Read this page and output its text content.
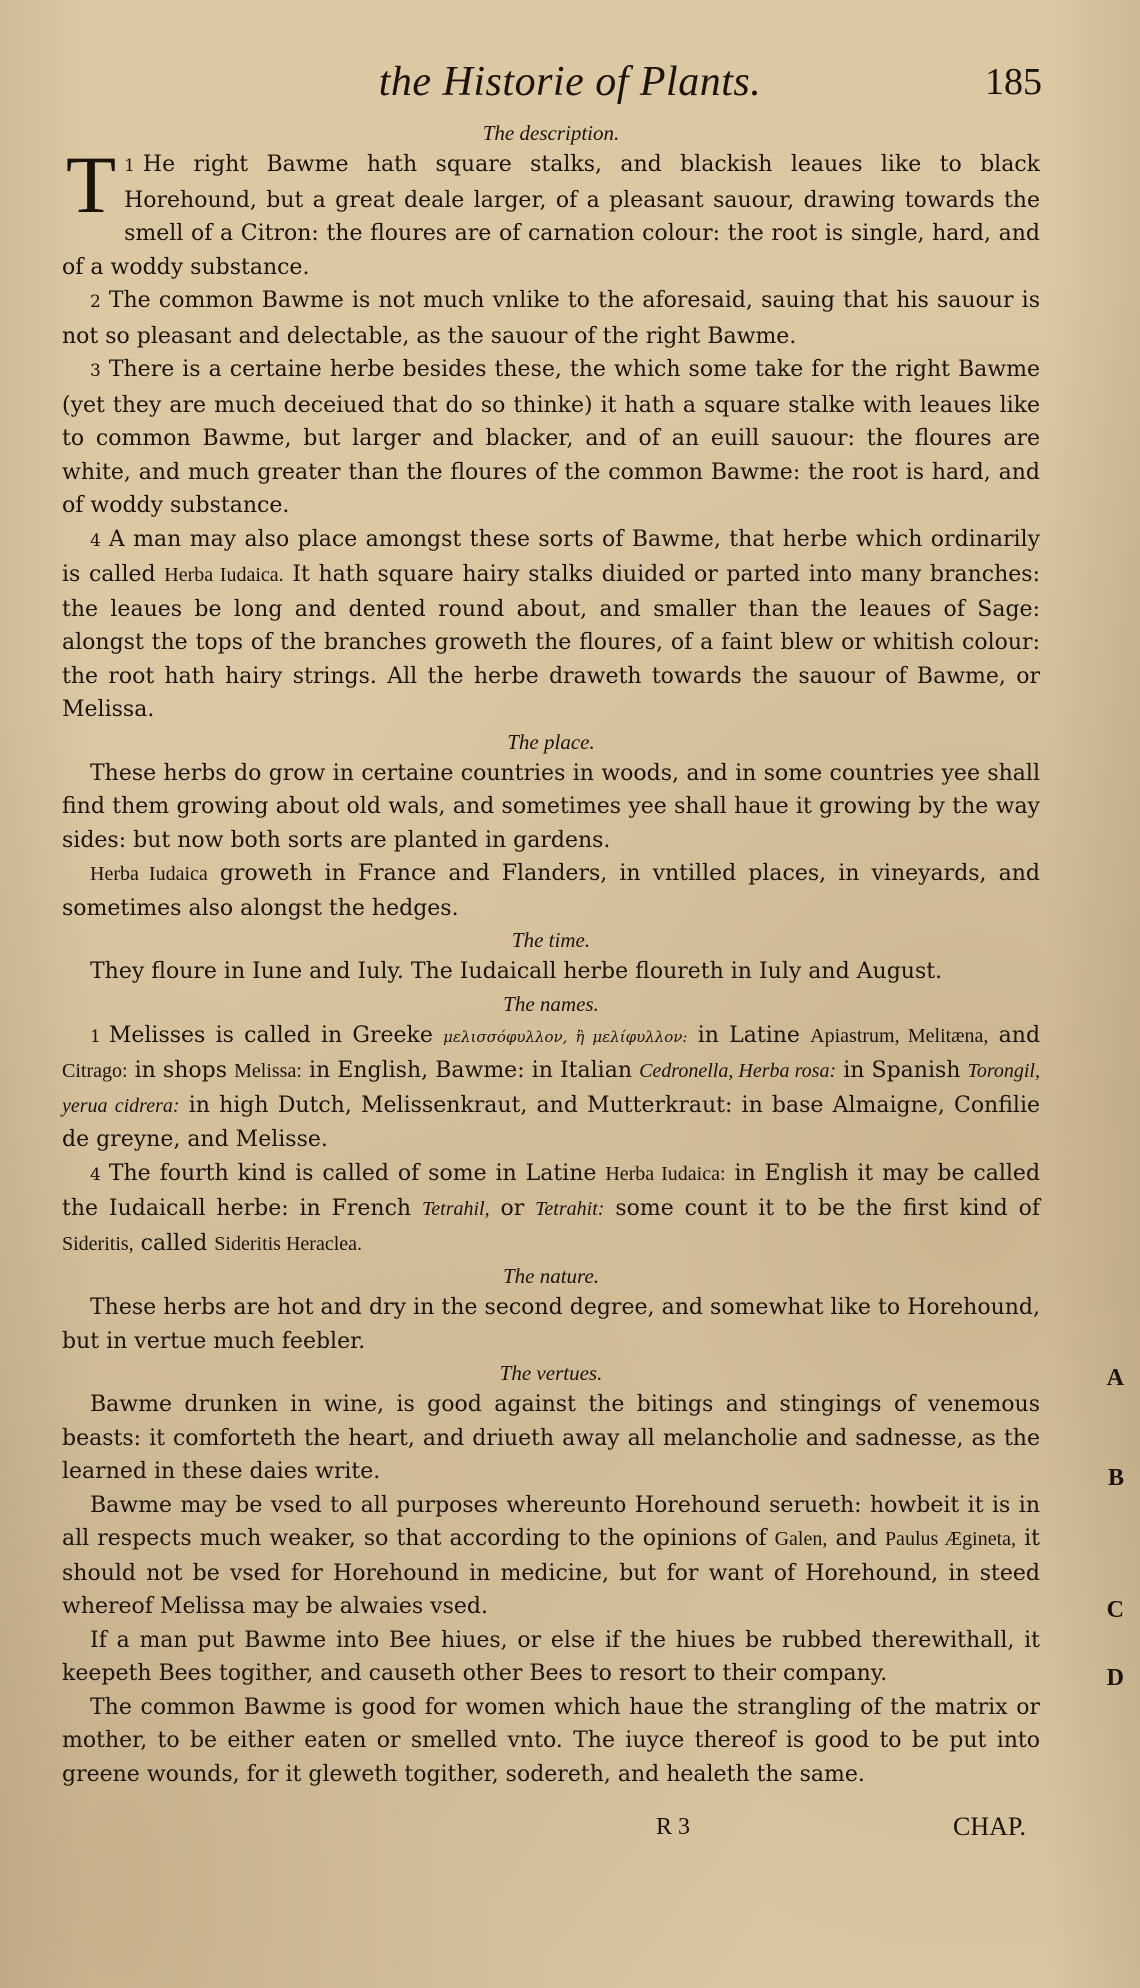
the Historie of Plants.	185
The description.

1
T He right Bawme hath square stalks, and blackish leaues like to black Horehound, but a great deale larger, of a pleasant sauour, drawing towards the smell of a Citron: the floures are of carnation colour: the root is single, hard, and of a woddy substance.

2 The common Bawme is not much vnlike to the aforesaid, sauing that his sauour is not so pleasant and delectable, as the sauour of the right Bawme.

3 There is a certaine herbe besides these, the which some take for the right Bawme (yet they are much deceiued that do so thinke) it hath a square stalke with leaues like to common Bawme, but larger and blacker, and of an euill sauour: the floures are white, and much greater than the floures of the common Bawme: the root is hard, and of woddy substance.

4 A man may also place amongst these sorts of Bawme, that herbe which ordinarily is called Herba Iudaica. It hath square hairy stalks diuided or parted into many branches: the leaues be long and dented round about, and smaller than the leaues of Sage: alongst the tops of the branches groweth the floures, of a faint blew or whitish colour: the root hath hairy strings. All the herbe draweth towards the sauour of Bawme, or Melissa.

The place.

These herbs do grow in certaine countries in woods, and in some countries yee shall find them growing about old wals, and sometimes yee shall haue it growing by the way sides: but now both sorts are planted in gardens.

Herba Iudaica groweth in France and Flanders, in vntilled places, in vineyards, and sometimes also alongst the hedges.

The time.

They floure in Iune and Iuly. The Iudaicall herbe floureth in Iuly and August.

The names.

1 Melisses is called in Greeke μελισσόφυλλον, ἢ μελίφυλλον: in Latine Apiastrum, Melitæna, and Citrago: in shops Melissa: in English, Bawme: in Italian Cedronella, Herba rosa: in Spanish Torongil, yerua cidrera: in high Dutch, Melissenkraut, and Mutterkraut: in base Almaigne, Confilie de greyne, and Melisse.

4 The fourth kind is called of some in Latine Herba Iudaica: in English it may be called the Iudaicall herbe: in French Tetrahil, or Tetrahit: some count it to be the first kind of Sideritis, called Sideritis Heraclea.

The nature.

These herbs are hot and dry in the second degree, and somewhat like to Horehound, but in vertue much feebler.

The vertues.

Bawme drunken in wine, is good against the bitings and stingings of venemous beasts: it comforteth the heart, and driueth away all melancholie and sadnesse, as the learned in these daies write.

Bawme may be vsed to all purposes whereunto Horehound serueth: howbeit it is in all respects much weaker, so that according to the opinions of Galen, and Paulus Ægineta, it should not be vsed for Horehound in medicine, but for want of Horehound, in steed whereof Melissa may be alwaies vsed.

If a man put Bawme into Bee hiues, or else if the hiues be rubbed therewithall, it keepeth Bees togither, and causeth other Bees to resort to their company.

The common Bawme is good for women which haue the strangling of the matrix or mother, to be either eaten or smelled vnto. The iuyce thereof is good to be put into greene wounds, for it gleweth togither, sodereth, and healeth the same.

A
B
C
D
R 3	CHAP.
